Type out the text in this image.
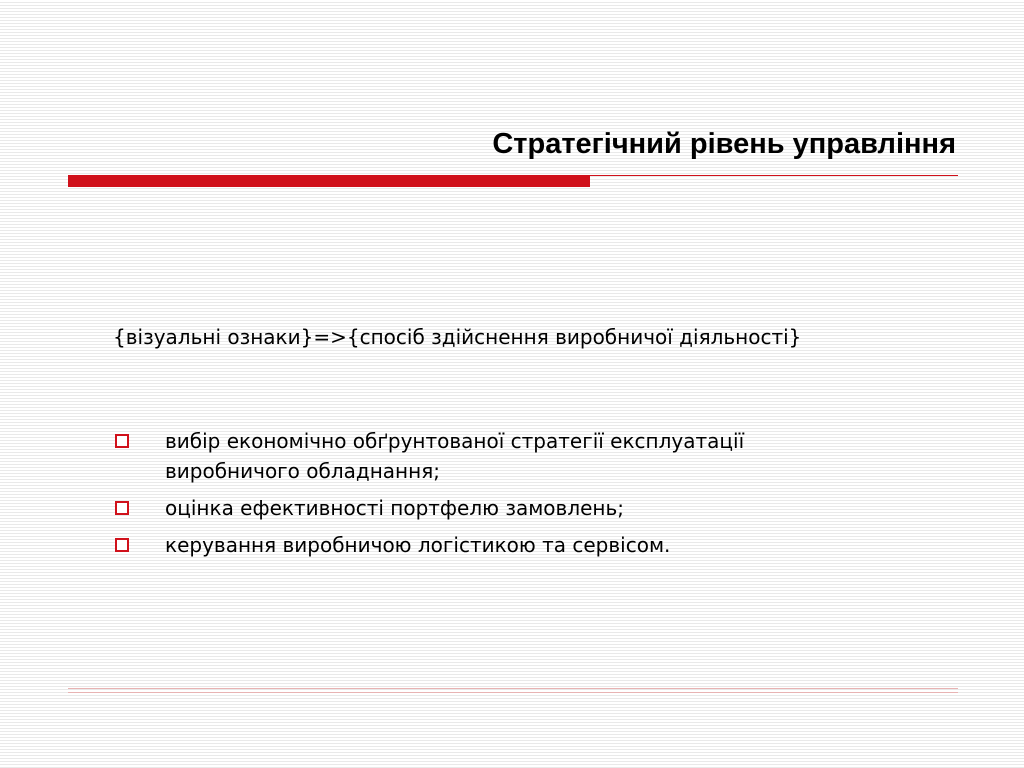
Стратегічний рівень управління

{візуальні ознаки}=>{спосіб здійснення виробничої діяльності}

вибір економічно обґрунтованої стратегії експлуатації
виробничого обладнання;
оцінка ефективності портфелю замовлень;
керування виробничою логістикою та сервісом.
